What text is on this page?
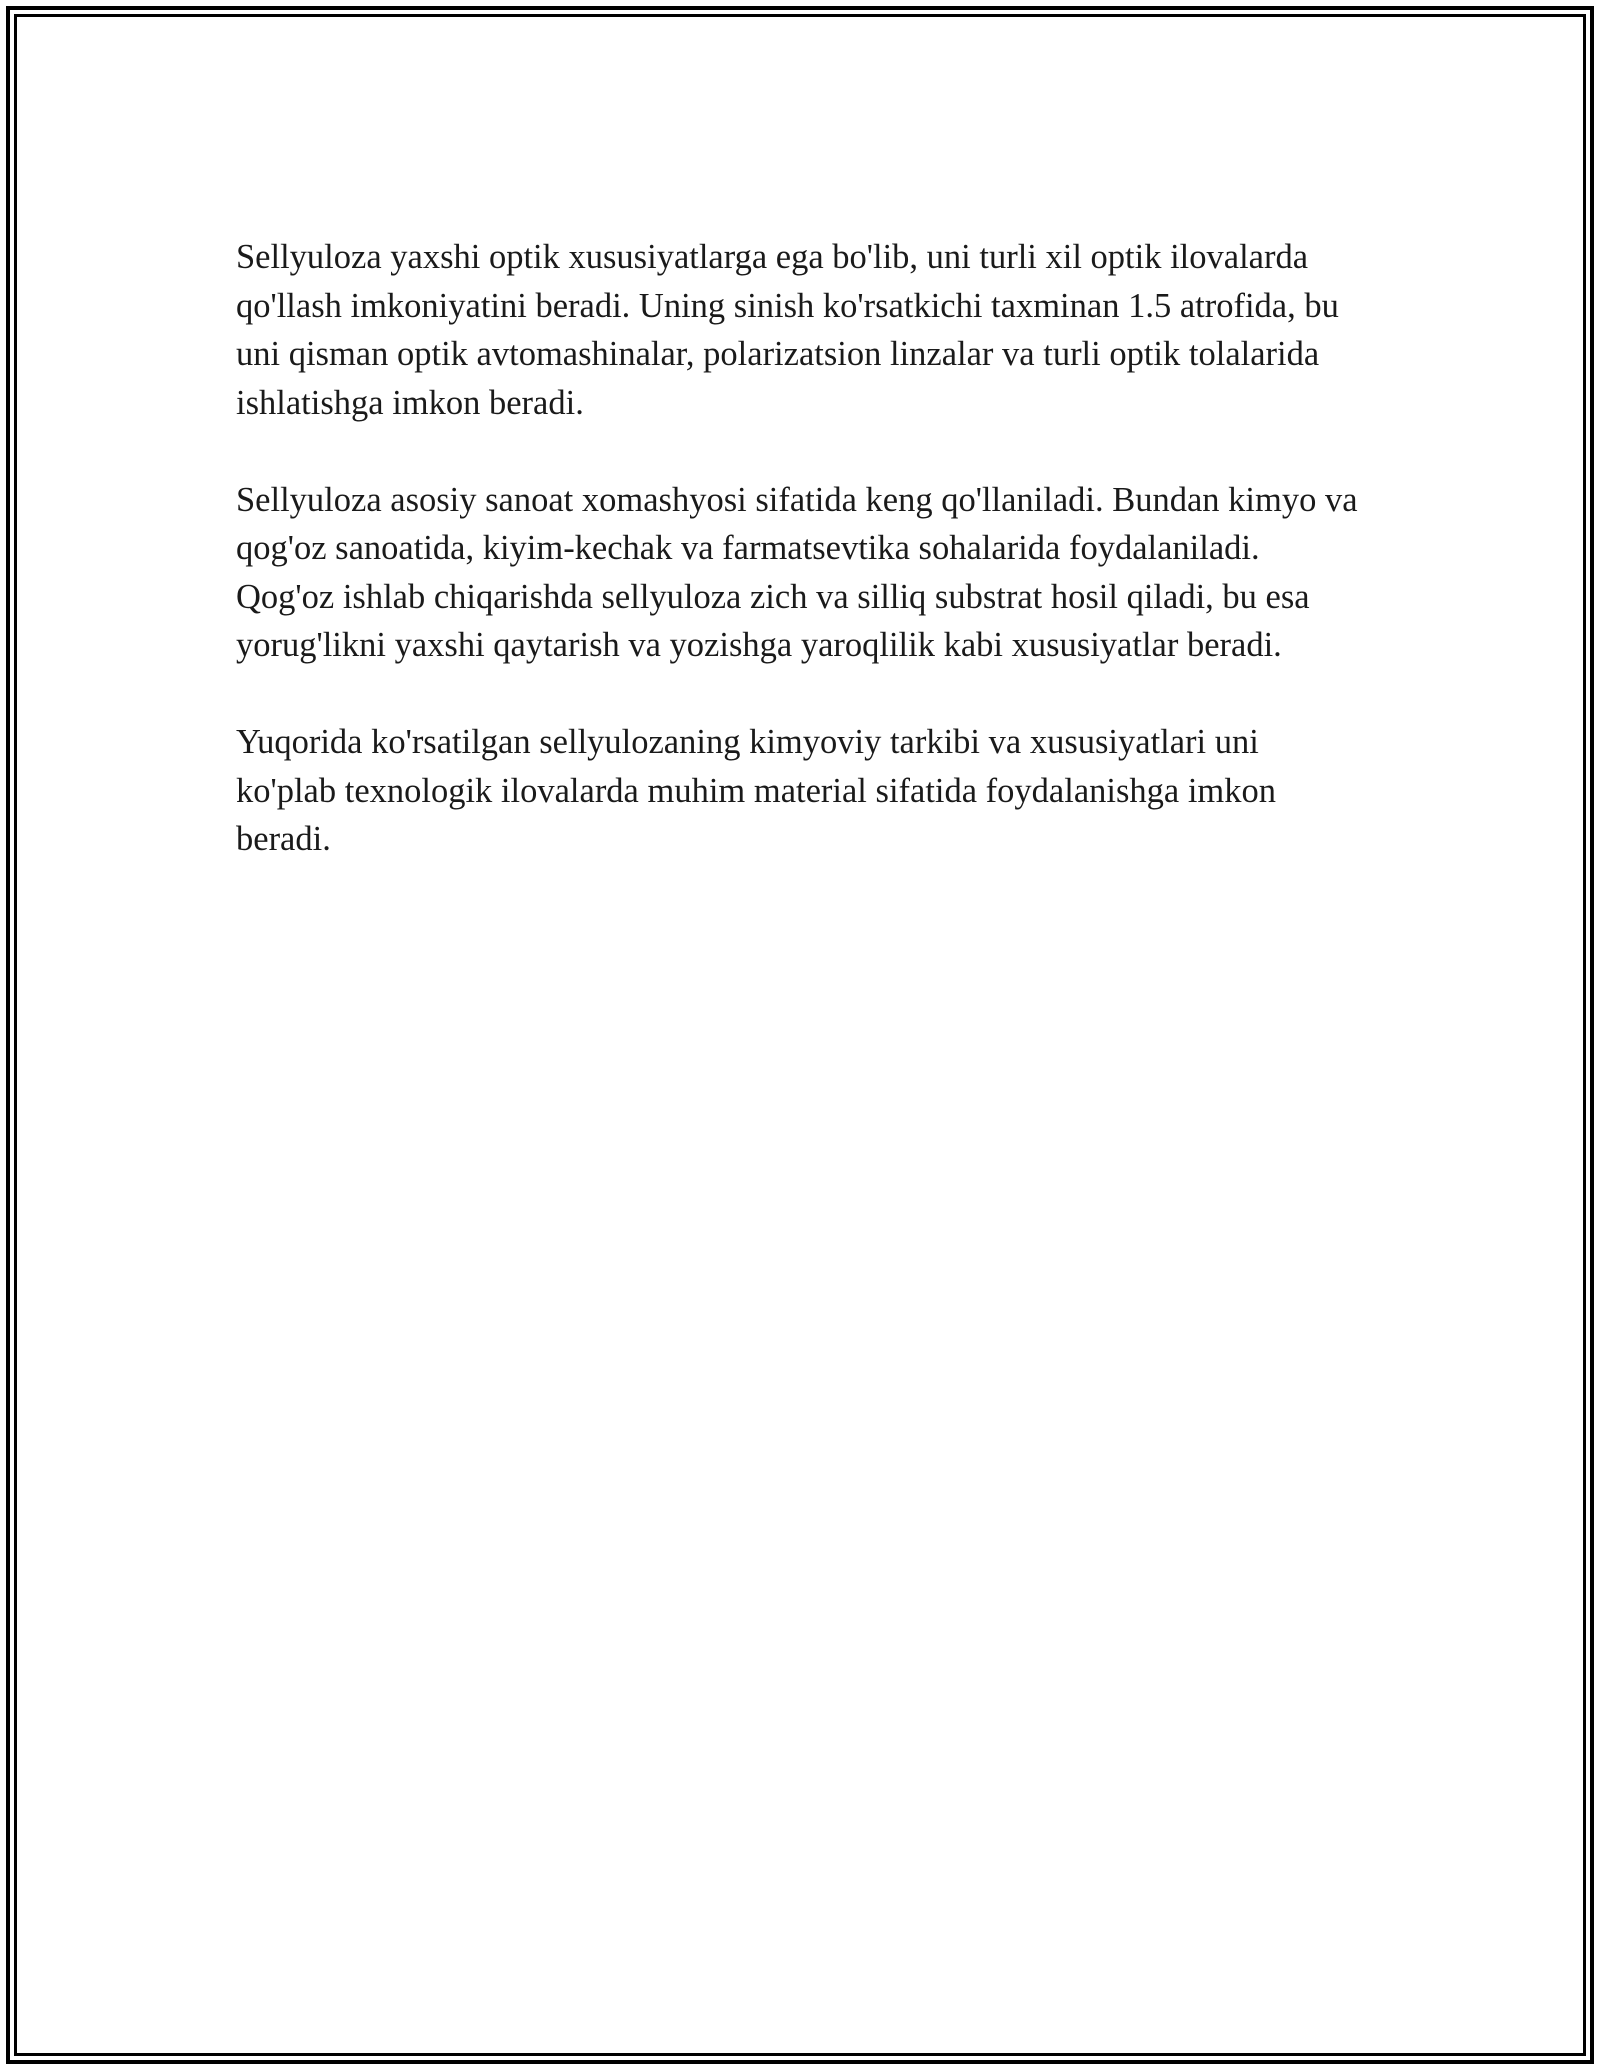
Sellyuloza yaxshi optik xususiyatlarga ega bo'lib, uni turli xil optik ilovalarda qo'llash imkoniyatini beradi. Uning sinish ko'rsatkichi taxminan 1.5 atrofida, bu uni qisman optik avtomashinalar, polarizatsion linzalar va turli optik tolalarida ishlatishga imkon beradi.

Sellyuloza asosiy sanoat xomashyosi sifatida keng qo'llaniladi. Bundan kimyo va qog'oz sanoatida, kiyim-kechak va farmatsevtika sohalarida foydalaniladi. Qog'oz ishlab chiqarishda sellyuloza zich va silliq substrat hosil qiladi, bu esa yorug'likni yaxshi qaytarish va yozishga yaroqlilik kabi xususiyatlar beradi.

Yuqorida ko'rsatilgan sellyulozaning kimyoviy tarkibi va xususiyatlari uni ko'plab texnologik ilovalarda muhim material sifatida foydalanishga imkon beradi.
